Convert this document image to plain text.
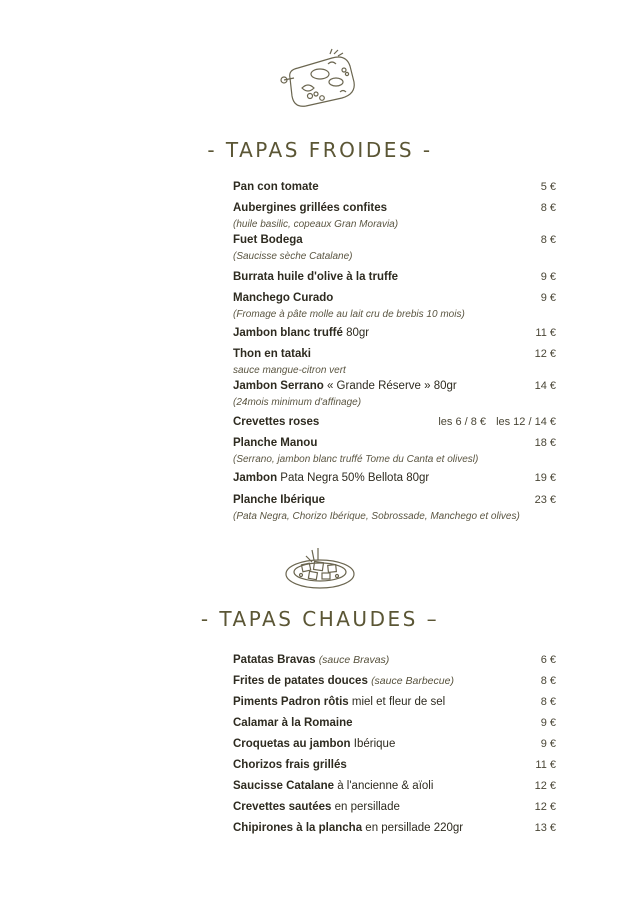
- TAPAS FROIDES -
Pan con tomate	5 €
Aubergines grillées confites	8 €
(huile basilic, copeaux Gran Moravia)
Fuet Bodega	8 €
(Saucisse sèche Catalane)
Burrata huile d'olive à la truffe	9 €
Manchego Curado	9 €
(Fromage à pâte molle au lait cru de brebis 10 mois)
Jambon blanc truffé 80gr	11 €
Thon en tataki	12 €
sauce mangue-citron vert
Jambon Serrano « Grande Réserve » 80gr	14 €
(24mois minimum d'affinage)
Crevettes roses	les 6 / 8 € les 12 / 14 €
Planche Manou	18 €
(Serrano, jambon blanc truffé Tome du Canta et olivesl)
Jambon Pata Negra 50% Bellota 80gr	19 €
Planche Ibérique	23 €
(Pata Negra, Chorizo Ibérique, Sobrossade, Manchego et olives)
- TAPAS CHAUDES –
Patatas Bravas (sauce Bravas)	6 €
Frites de patates douces (sauce Barbecue)	8 €
Piments Padron rôtis miel et fleur de sel	8 €
Calamar à la Romaine	9 €
Croquetas au jambon Ibérique	9 €
Chorizos frais grillés	11 €
Saucisse Catalane à l'ancienne & aïoli	12 €
Crevettes sautées en persillade	12 €
Chipirones à la plancha en persillade 220gr	13 €
